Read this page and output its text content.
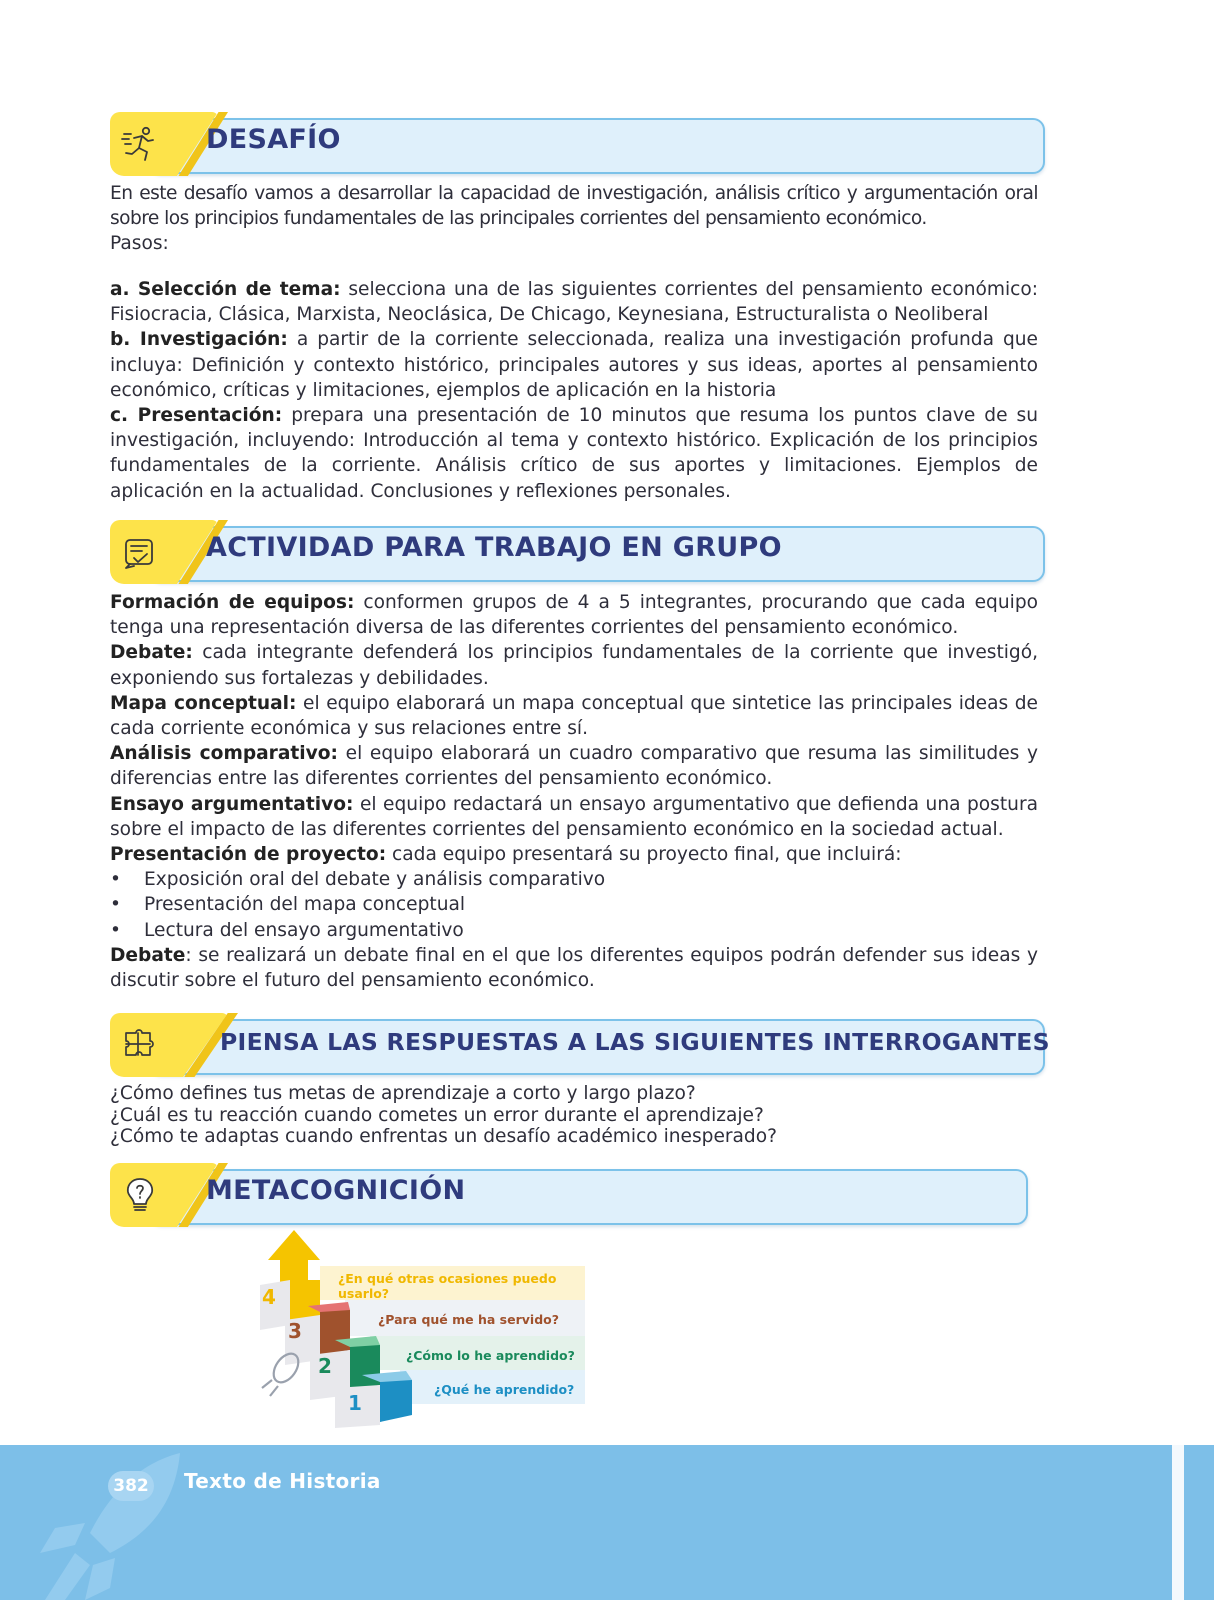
DESAFÍO

En este desafío vamos a desarrollar la capacidad de investigación, análisis crítico y argumentación oral sobre los principios fundamentales de las principales corrientes del pensamiento económico.

Pasos:

a. Selección de tema: selecciona una de las siguientes corrientes del pensamiento económico: Fisiocracia, Clásica, Marxista, Neoclásica, De Chicago, Keynesiana, Estructuralista o Neoliberal

b. Investigación: a partir de la corriente seleccionada, realiza una investigación profunda que incluya: Definición y contexto histórico, principales autores y sus ideas, aportes al pensamiento económico, críticas y limitaciones, ejemplos de aplicación en la historia

c. Presentación: prepara una presentación de 10 minutos que resuma los puntos clave de su investigación, incluyendo: Introducción al tema y contexto histórico. Explicación de los principios fundamentales de la corriente. Análisis crítico de sus aportes y limitaciones. Ejemplos de aplicación en la actualidad. Conclusiones y reflexiones personales.

ACTIVIDAD PARA TRABAJO EN GRUPO

Formación de equipos: conformen grupos de 4 a 5 integrantes, procurando que cada equipo tenga una representación diversa de las diferentes corrientes del pensamiento económico.

Debate: cada integrante defenderá los principios fundamentales de la corriente que investigó, exponiendo sus fortalezas y debilidades.

Mapa conceptual: el equipo elaborará un mapa conceptual que sintetice las principales ideas de cada corriente económica y sus relaciones entre sí.

Análisis comparativo: el equipo elaborará un cuadro comparativo que resuma las similitudes y diferencias entre las diferentes corrientes del pensamiento económico.

Ensayo argumentativo: el equipo redactará un ensayo argumentativo que defienda una postura sobre el impacto de las diferentes corrientes del pensamiento económico en la sociedad actual.

Presentación de proyecto: cada equipo presentará su proyecto final, que incluirá:

•	Exposición oral del debate y análisis comparativo
•	Presentación del mapa conceptual
•	Lectura del ensayo argumentativo

Debate: se realizará un debate final en el que los diferentes equipos podrán defender sus ideas y discutir sobre el futuro del pensamiento económico.

PIENSA LAS RESPUESTAS A LAS SIGUIENTES INTERROGANTES
¿Cómo defines tus metas de aprendizaje a corto y largo plazo?
¿Cuál es tu reacción cuando cometes un error durante el aprendizaje?
¿Cómo te adaptas cuando enfrentas un desafío académico inesperado?
METACOGNICIÓN
4
3
2
1
¿En qué otras ocasiones puedo
usarlo?
¿Para qué me ha servido?
¿Cómo lo he aprendido?
¿Qué he aprendido?
382 Texto de Historia
